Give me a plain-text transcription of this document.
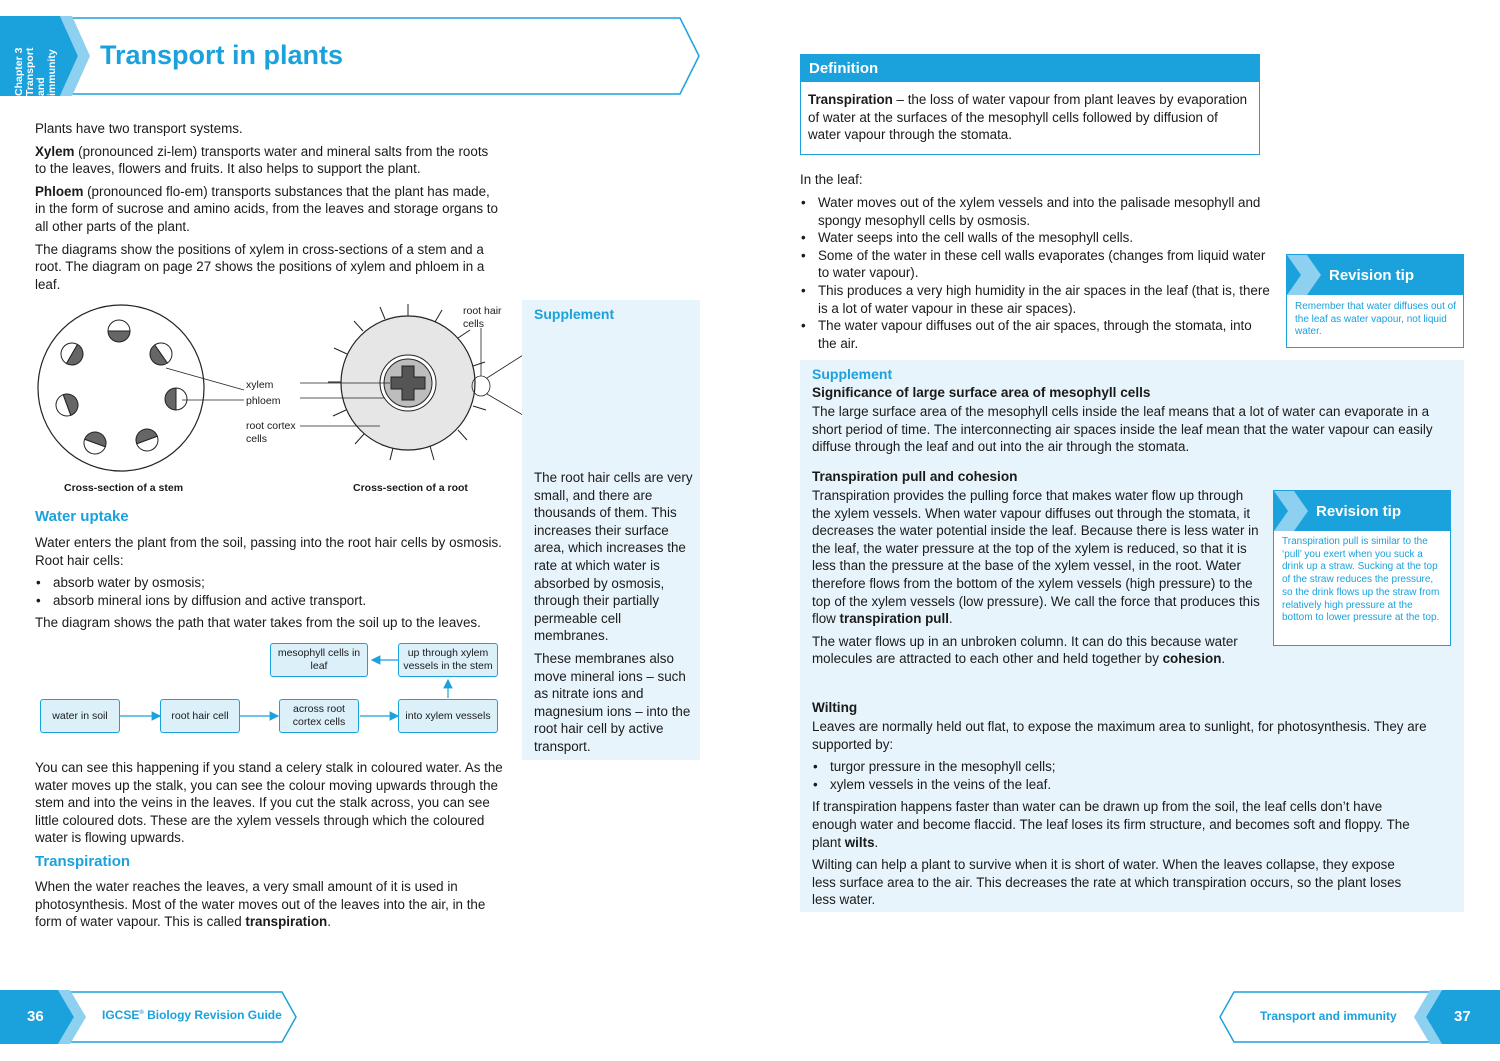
Chapter 3 Transport and immunity Transport in plants

Plants have two transport systems.

Xylem (pronounced zi-lem) transports water and mineral salts from the roots to the leaves, flowers and fruits. It also helps to support the plant.

Phloem (pronounced flo-em) transports substances that the plant has made, in the form of sucrose and amino acids, from the leaves and storage organs to all other parts of the plant.

The diagrams show the positions of xylem in cross-sections of a stem and a root. The diagram on page 27 shows the positions of xylem and phloem in a leaf.

xylem
phloem
root cortex cells
root hair cells
Cross-section of a stem	Cross-section of a root
Supplement

The root hair cells are very small, and there are thousands of them. This increases their surface area, which increases the rate at which water is absorbed by osmosis, through their partially permeable cell membranes.

These membranes also move mineral ions – such as nitrate ions and magnesium ions – into the root hair cell by active transport.

Water uptake

Water enters the plant from the soil, passing into the root hair cells by osmosis. Root hair cells:

• absorb water by osmosis;
• absorb mineral ions by diffusion and active transport.

The diagram shows the path that water takes from the soil up to the leaves.

water in soil	root hair cell
across root cortex cells
into xylem vessels
up through xylem vessels in the stem
mesophyll cells in leaf
You can see this happening if you stand a celery stalk in coloured water. As the water moves up the stalk, you can see the colour moving upwards through the stem and into the veins in the leaves. If you cut the stalk across, you can see little coloured dots. These are the xylem vessels through which the coloured water is flowing upwards.
Transpiration
When the water reaches the leaves, a very small amount of it is used in photosynthesis. Most of the water moves out of the leaves into the air, in the form of water vapour. This is called transpiration.
Definition
Transpiration – the loss of water vapour from plant leaves by evaporation of water at the surfaces of the mesophyll cells followed by diffusion of water vapour through the stomata.
In the leaf:
• Water moves out of the xylem vessels and into the palisade mesophyll and spongy mesophyll cells by osmosis.
• Water seeps into the cell walls of the mesophyll cells.
• Some of the water in these cell walls evaporates (changes from liquid water to water vapour).
• This produces a very high humidity in the air spaces in the leaf (that is, there is a lot of water vapour in these air spaces).
• The water vapour diffuses out of the air spaces, through the stomata, into the air.
Revision tip
Remember that water diffuses out of the leaf as water vapour, not liquid water.
Supplement
Significance of large surface area of mesophyll cells
The large surface area of the mesophyll cells inside the leaf means that a lot of water can evaporate in a short period of time. The interconnecting air spaces inside the leaf mean that the water vapour can easily diffuse through the leaf and out into the air through the stomata.
Transpiration pull and cohesion

Transpiration provides the pulling force that makes water flow up through the xylem vessels. When water vapour diffuses out through the stomata, it decreases the water potential inside the leaf. Because there is less water in the leaf, the water pressure at the top of the xylem is reduced, so that it is less than the pressure at the base of the xylem vessel, in the root. Water therefore flows from the bottom of the xylem vessels (high pressure) to the top of the xylem vessels (low pressure). We call the force that produces this flow transpiration pull.

The water flows up in an unbroken column. It can do this because water molecules are attracted to each other and held together by cohesion.

Revision tip
Transpiration pull is similar to the ‘pull’ you exert when you suck a drink up a straw. Sucking at the top of the straw reduces the pressure, so the drink flows up the straw from relatively high pressure at the bottom to lower pressure at the top.
Wilting

Leaves are normally held out flat, to expose the maximum area to sunlight, for photosynthesis. They are supported by:

• turgor pressure in the mesophyll cells;
• xylem vessels in the veins of the leaf.

If transpiration happens faster than water can be drawn up from the soil, the leaf cells don’t have enough water and become flaccid. The leaf loses its firm structure, and becomes soft and floppy. The plant wilts.

Wilting can help a plant to survive when it is short of water. When the leaves collapse, they expose less surface area to the air. This decreases the rate at which transpiration occurs, so the plant loses less water.

36	IGCSE® Biology Revision Guide	Transport and immunity	37
